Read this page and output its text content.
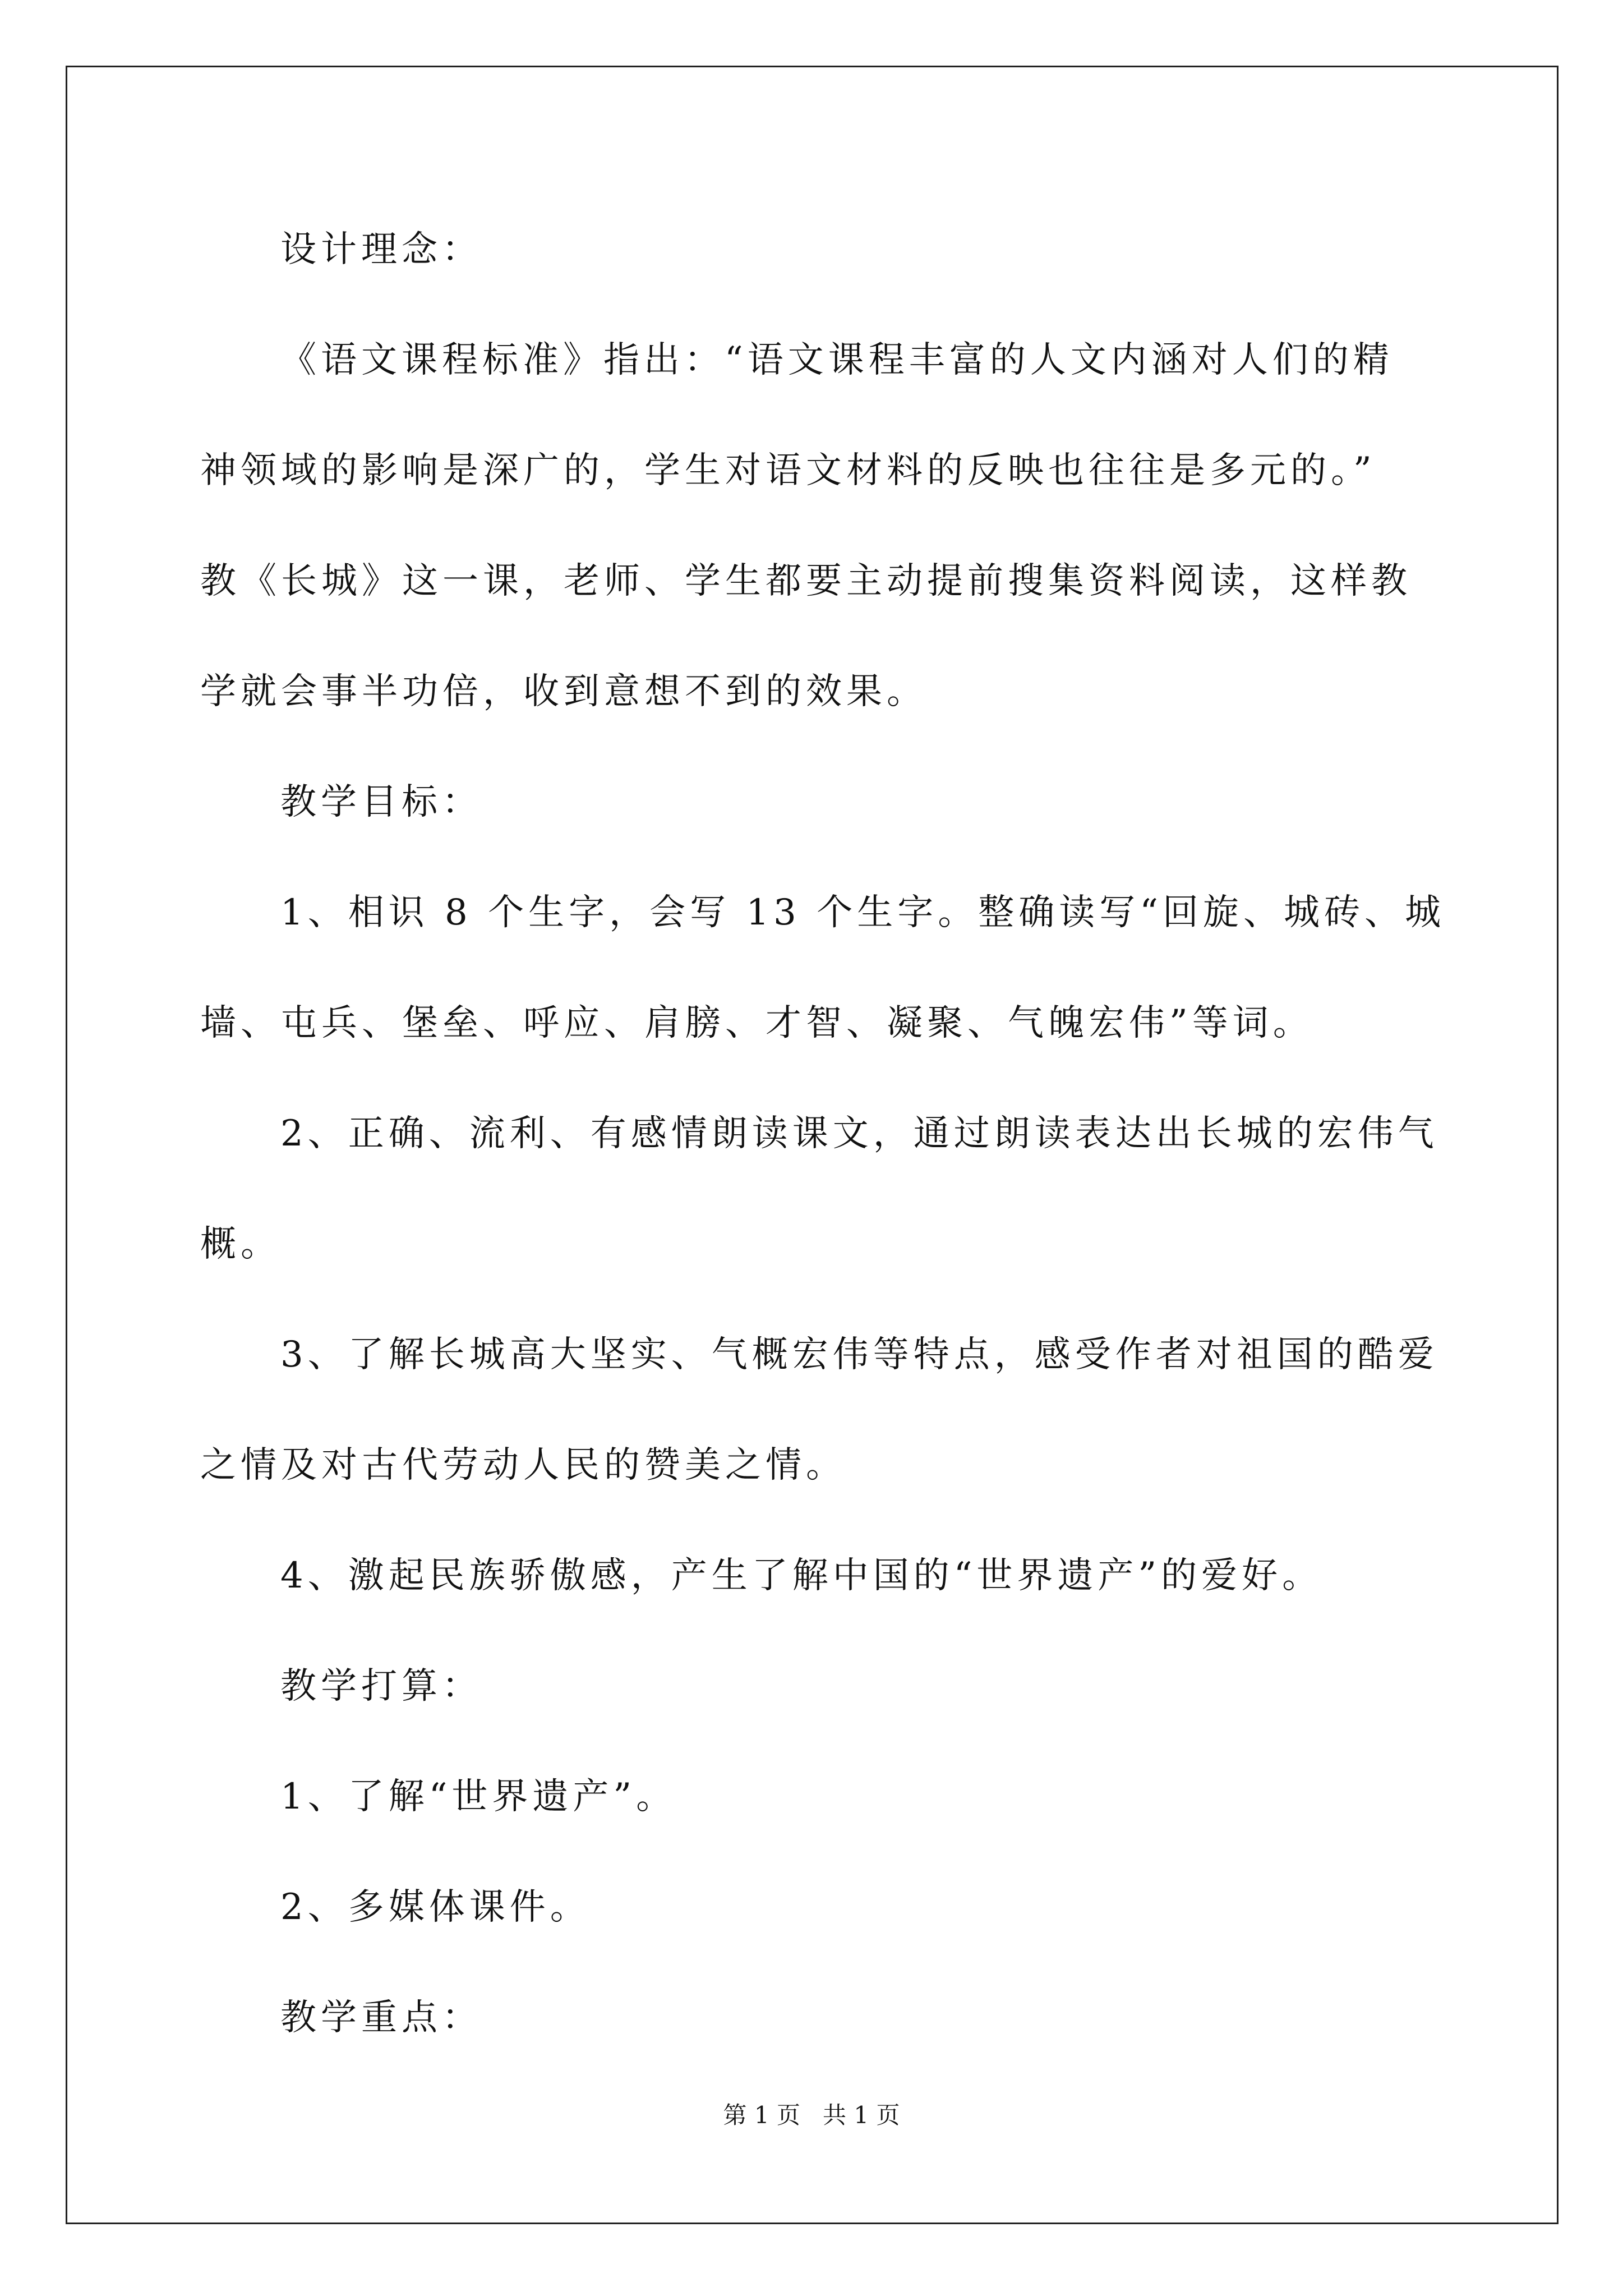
设计理念：
《语文课程标准》指出：“语文课程丰富的人文内涵对人们的精
神领域的影响是深广的，学生对语文材料的反映也往往是多元的。”
教《长城》这一课，老师、学生都要主动提前搜集资料阅读，这样教
学就会事半功倍，收到意想不到的效果。
教学目标：
1、相识 8 个生字，会写 13 个生字。整确读写“回旋、城砖、城
墙、屯兵、堡垒、呼应、肩膀、才智、凝聚、气魄宏伟”等词。
2、正确、流利、有感情朗读课文，通过朗读表达出长城的宏伟气
概。
3、了解长城高大坚实、气概宏伟等特点，感受作者对祖国的酷爱
之情及对古代劳动人民的赞美之情。
4、激起民族骄傲感，产生了解中国的“世界遗产”的爱好。
教学打算：
1、了解“世界遗产”。
2、多媒体课件。
教学重点：
第 1 页   共 1 页
